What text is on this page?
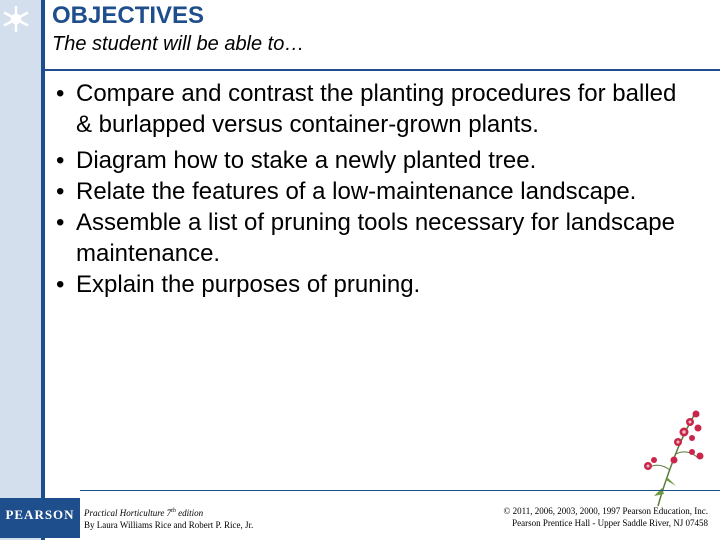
OBJECTIVES
The student will be able to…
• Compare and contrast the planting procedures for balled & burlapped versus container-grown plants.
• Diagram how to stake a newly planted tree.
• Relate the features of a low-maintenance landscape.
• Assemble a list of pruning tools necessary for landscape maintenance.
• Explain the purposes of pruning.
PEARSON	Practical Horticulture 7th edition
By Laura Williams Rice and Robert P. Rice, Jr.
© 2011, 2006, 2003, 2000, 1997 Pearson Education, Inc.
Pearson Prentice Hall - Upper Saddle River, NJ 07458
